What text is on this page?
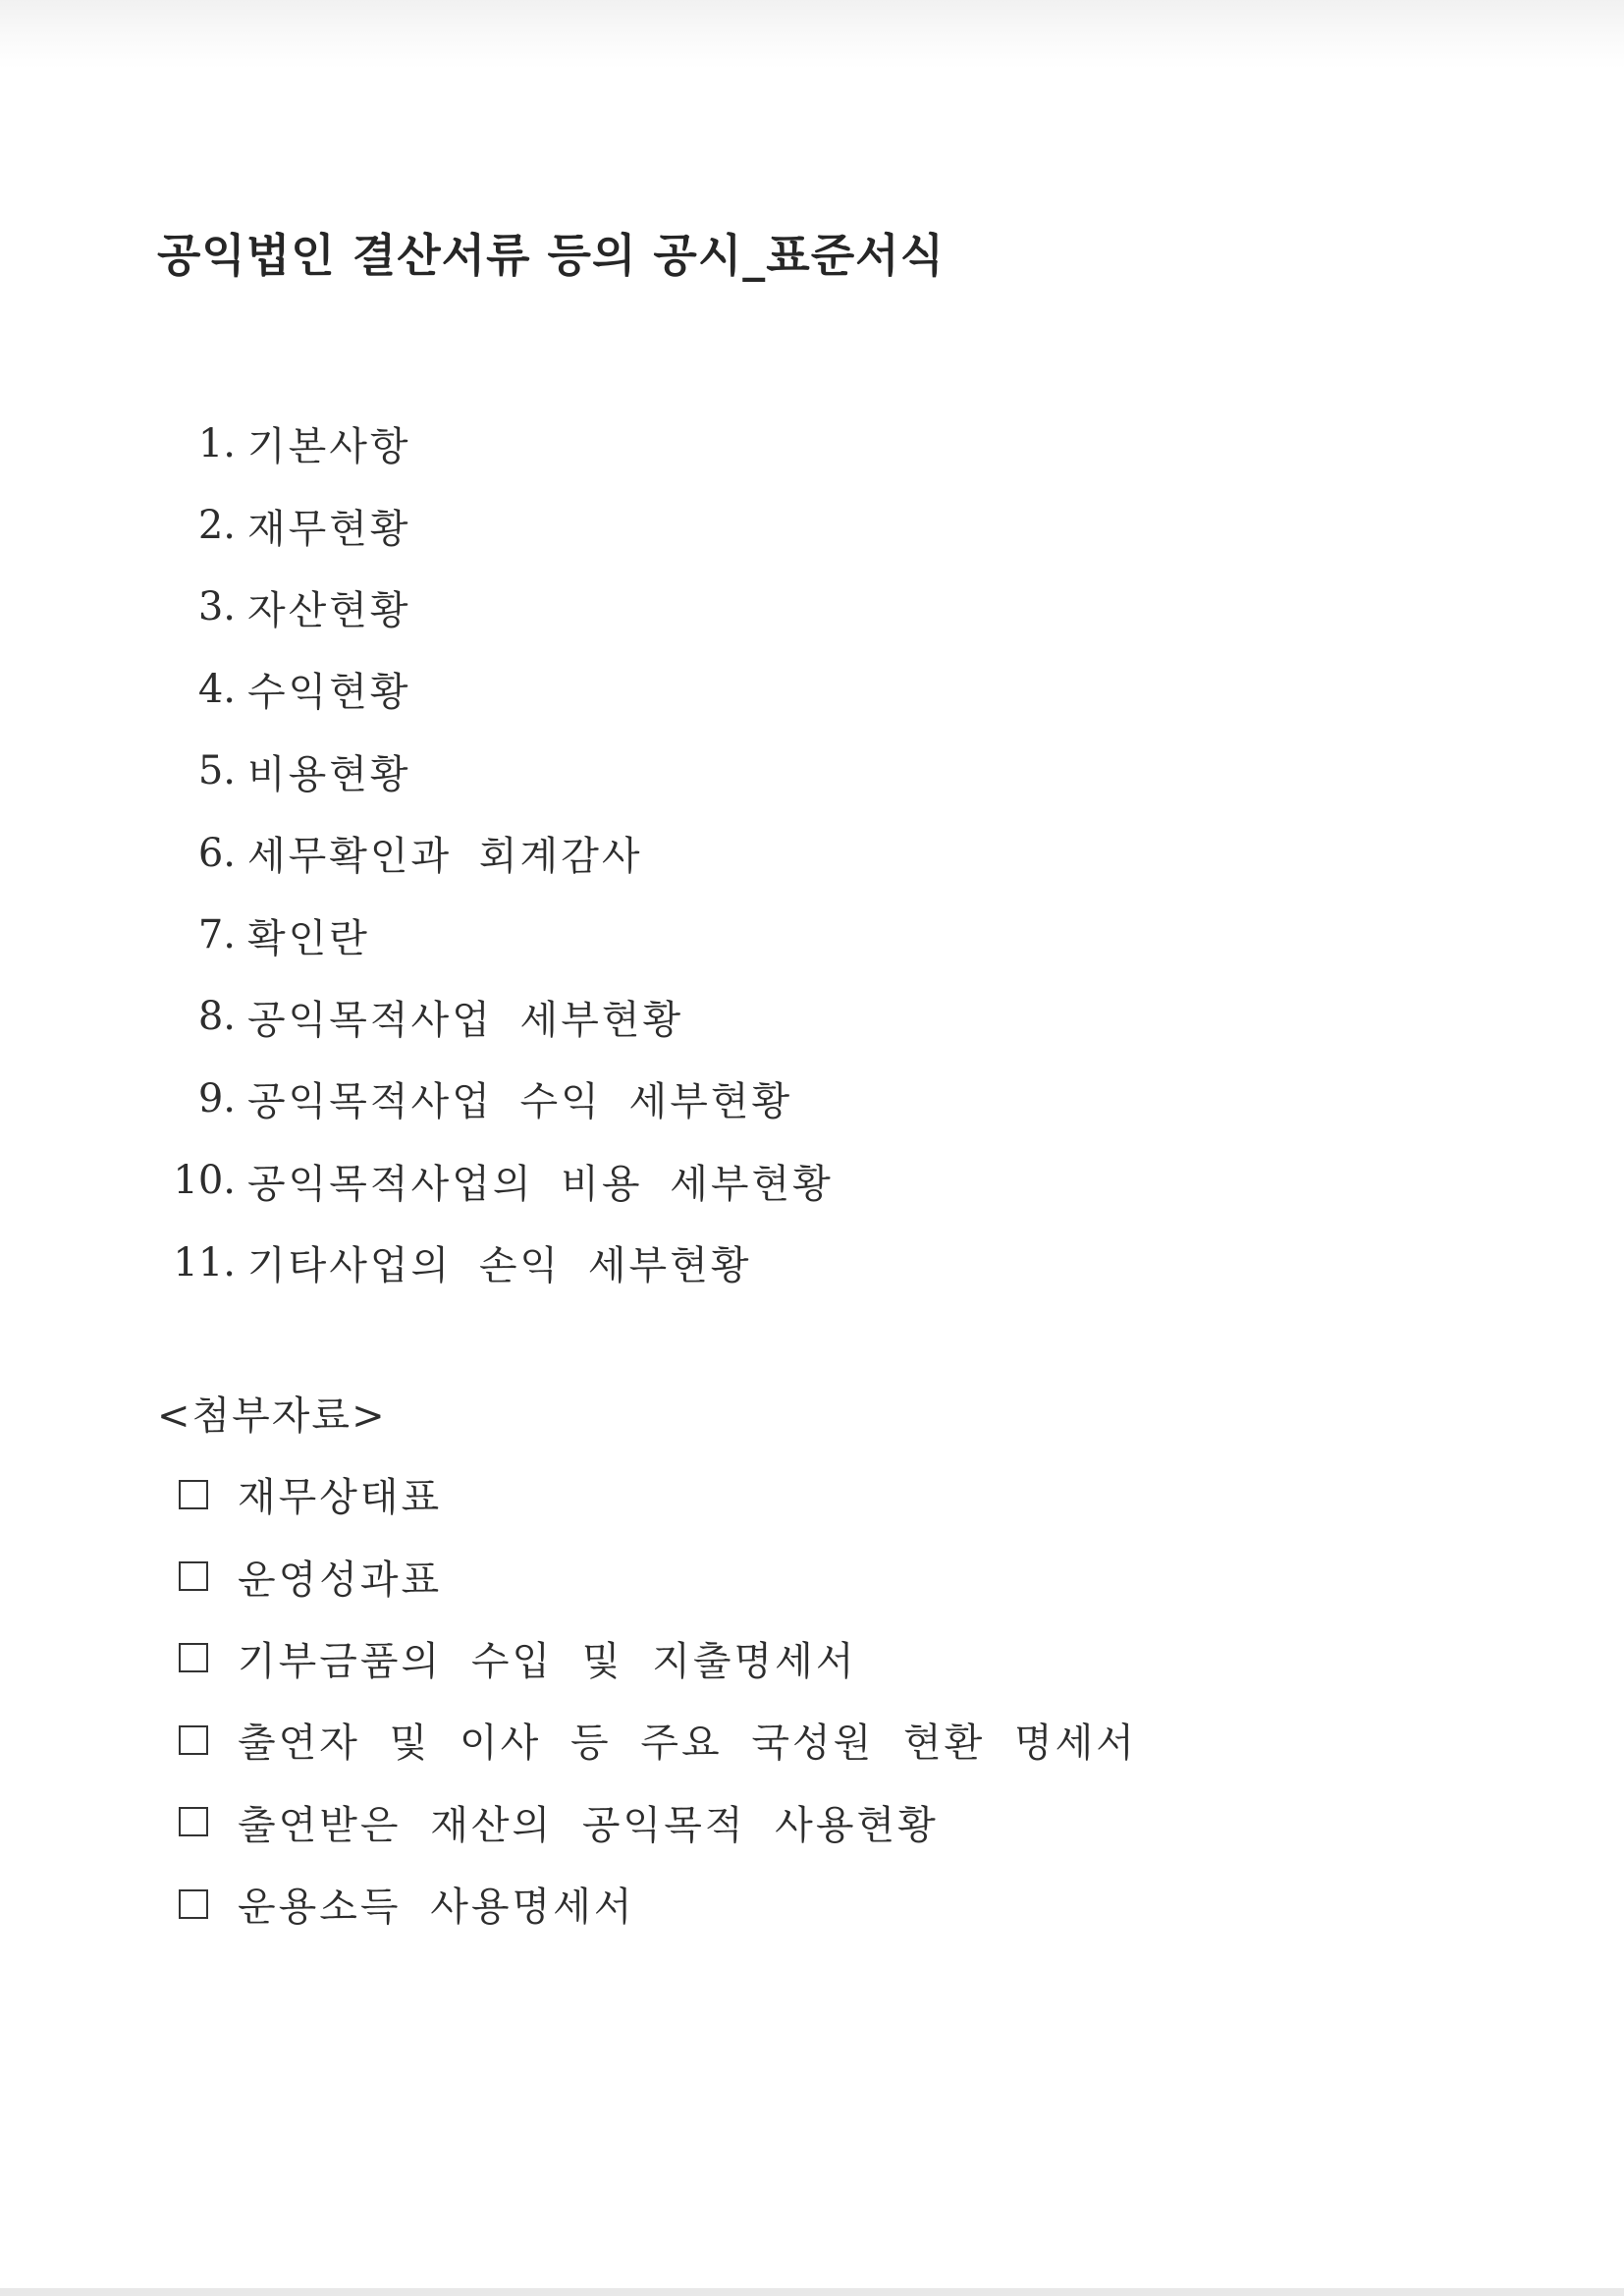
공익법인 결산서류 등의 공시_표준서식
1. 기본사항
2. 재무현황
3. 자산현황
4. 수익현황
5. 비용현황
6. 세무확인과 회계감사
7. 확인란
8. 공익목적사업 세부현황
9. 공익목적사업 수익 세부현황
10. 공익목적사업의 비용 세부현황
11. 기타사업의 손익 세부현황
<첨부자료>
재무상태표
운영성과표
기부금품의 수입 및 지출명세서
출연자 및 이사 등 주요 국성원 현환 명세서
출연받은 재산의 공익목적 사용현황
운용소득 사용명세서
